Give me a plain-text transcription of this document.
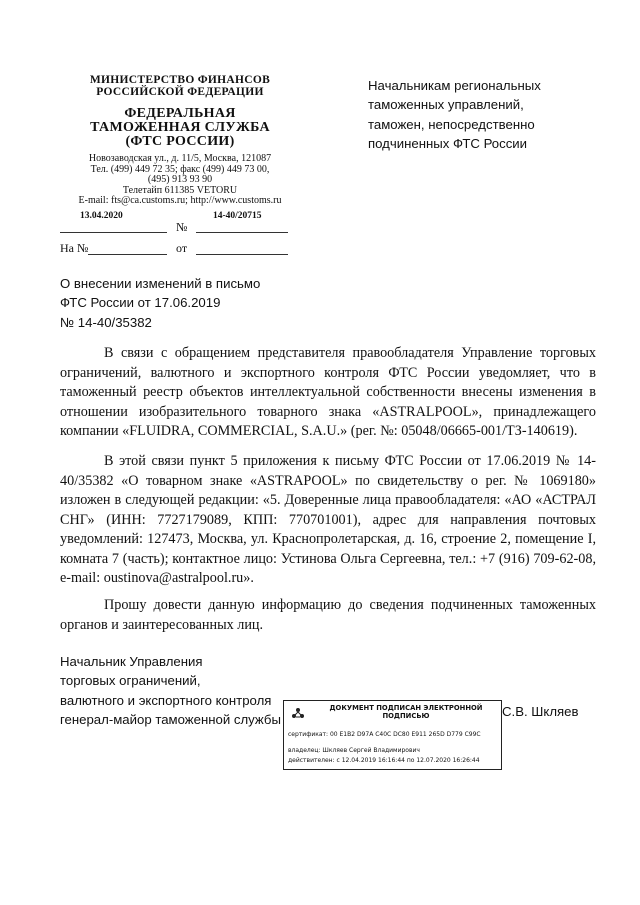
МИНИСТЕРСТВО ФИНАНСОВ
РОССИЙСКОЙ ФЕДЕРАЦИИ
ФЕДЕРАЛЬНАЯ
ТАМОЖЕННАЯ СЛУЖБА
(ФТС РОССИИ)
Новозаводская ул., д. 11/5, Москва, 121087
Тел. (499) 449 72 35; факс (499) 449 73 00,
(495) 913 93 90
Телетайп 611385 VETORU
E-mail: fts@ca.customs.ru; http://www.customs.ru
13.04.2020
№
14-40/20715
На №	от
Начальникам региональных
таможенных управлений,
таможен, непосредственно
подчиненных ФТС России
О внесении изменений в письмо
ФТС России от 17.06.2019
№ 14-40/35382
В связи с обращением представителя правообладателя Управление торговых ограничений, валютного и экспортного контроля ФТС России уведомляет, что в таможенный реестр объектов интеллектуальной собственности внесены изменения в отношении изобразительного товарного знака «ASTRALPOOL», принадлежащего компании «FLUIDRA, COMMERCIAL, S.A.U.» (рег. №: 05048/06665-001/ТЗ-140619).
В этой связи пункт 5 приложения к письму ФТС России от 17.06.2019 № 14-40/35382 «О товарном знаке «ASTRAPOOL» по свидетельству о рег. № 1069180» изложен в следующей редакции: «5. Доверенные лица правообладателя: «АО «АСТРАЛ СНГ» (ИНН: 7727179089, КПП: 770701001), адрес для направления почтовых уведомлений: 127473, Москва, ул. Краснопролетарская, д. 16, строение 2, помещение I, комната 7 (часть); контактное лицо: Устинова Ольга Сергеевна, тел.: +7 (916) 709-62-08, e-mail: oustinova@astralpool.ru».
Прошу довести данную информацию до сведения подчиненных таможенных органов и заинтересованных лиц.
Начальник Управления
торговых ограничений,
валютного и экспортного контроля
генерал-майор таможенной службы
С.В. Шкляев
ДОКУМЕНТ ПОДПИСАН ЭЛЕКТРОННОЙ ПОДПИСЬЮ
сертификат: 00 E1B2 D97A C40C DC80 E911 265D D779 C99C
владелец: Шкляев Сергей Владимирович
действителен: с 12.04.2019 16:16:44 по 12.07.2020 16:26:44
